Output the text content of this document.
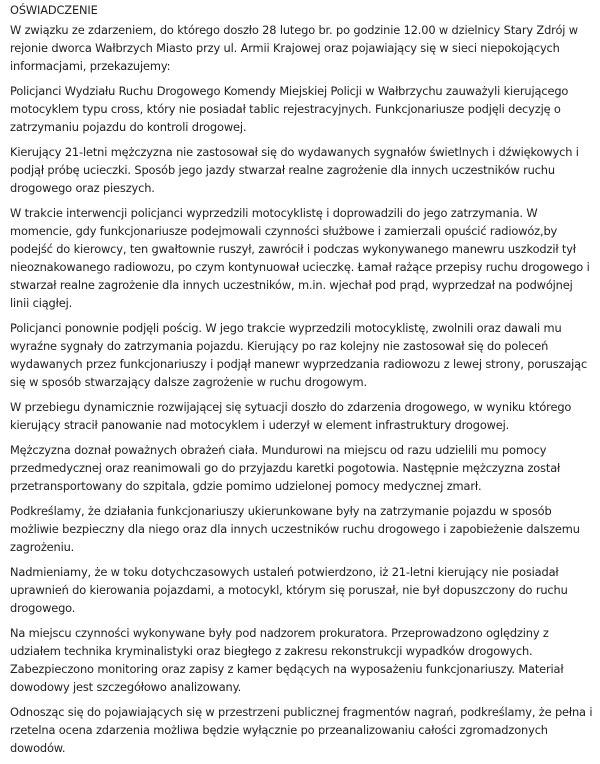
OŚWIADCZENIE

W związku ze zdarzeniem, do którego doszło 28 lutego br. po godzinie 12.00 w dzielnicy Stary Zdrój w rejonie dworca Wałbrzych Miasto przy ul. Armii Krajowej oraz pojawiający się w sieci niepokojących informacjami, przekazujemy:

Policjanci Wydziału Ruchu Drogowego Komendy Miejskiej Policji w Wałbrzychu zauważyli kierującego motocyklem typu cross, który nie posiadał tablic rejestracyjnych. Funkcjonariusze podjęli decyzję o zatrzymaniu pojazdu do kontroli drogowej.

Kierujący 21-letni mężczyzna nie zastosował się do wydawanych sygnałów świetlnych i dźwiękowych i podjął próbę ucieczki. Sposób jego jazdy stwarzał realne zagrożenie dla innych uczestników ruchu drogowego oraz pieszych.

W trakcie interwencji policjanci wyprzedzili motocyklistę i doprowadzili do jego zatrzymania. W momencie, gdy funkcjonariusze podejmowali czynności służbowe i zamierzali opuścić radiowóz,by podejść do kierowcy, ten gwałtownie ruszył, zawrócił i podczas wykonywanego manewru uszkodził tył nieoznakowanego radiowozu, po czym kontynuował ucieczkę. Łamał rażące przepisy ruchu drogowego i stwarzał realne zagrożenie dla innych uczestników, m.in. wjechał pod prąd, wyprzedzał na podwójnej linii ciągłej.

Policjanci ponownie podjęli pościg. W jego trakcie wyprzedzili motocyklistę, zwolnili oraz dawali mu wyraźne sygnały do zatrzymania pojazdu. Kierujący po raz kolejny nie zastosował się do poleceń wydawanych przez funkcjonariuszy i podjął manewr wyprzedzania radiowozu z lewej strony, poruszając się w sposób stwarzający dalsze zagrożenie w ruchu drogowym.

W przebiegu dynamicznie rozwijającej się sytuacji doszło do zdarzenia drogowego, w wyniku którego kierujący stracił panowanie nad motocyklem i uderzył w element infrastruktury drogowej.

Mężczyzna doznał poważnych obrażeń ciała. Mundurowi na miejscu od razu udzielili mu pomocy przedmedycznej oraz reanimowali go do przyjazdu karetki pogotowia. Następnie mężczyzna został przetransportowany do szpitala, gdzie pomimo udzielonej pomocy medycznej zmarł.

Podkreślamy, że działania funkcjonariuszy ukierunkowane były na zatrzymanie pojazdu w sposób możliwie bezpieczny dla niego oraz dla innych uczestników ruchu drogowego i zapobieżenie dalszemu zagrożeniu.

Nadmieniamy, że w toku dotychczasowych ustaleń potwierdzono, iż 21-letni kierujący nie posiadał uprawnień do kierowania pojazdami, a motocykl, którym się poruszał, nie był dopuszczony do ruchu drogowego.

Na miejscu czynności wykonywane były pod nadzorem prokuratora. Przeprowadzono oględziny z udziałem technika kryminalistyki oraz biegłego z zakresu rekonstrukcji wypadków drogowych. Zabezpieczono monitoring oraz zapisy z kamer będących na wyposażeniu funkcjonariuszy. Materiał dowodowy jest szczegółowo analizowany.

Odnosząc się do pojawiających się w przestrzeni publicznej fragmentów nagrań, podkreślamy, że pełna i rzetelna ocena zdarzenia możliwa będzie wyłącznie po przeanalizowaniu całości zgromadzonych dowodów.
